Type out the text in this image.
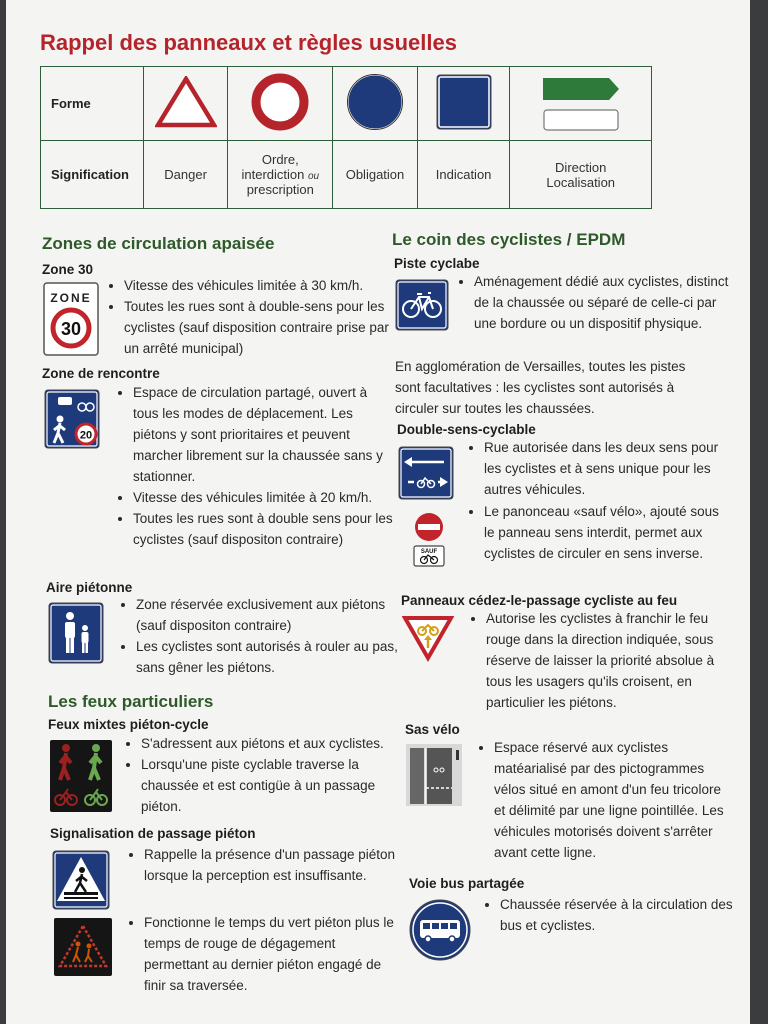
Rappel des panneaux et règles usuelles
Forme					
Signification	Danger	Ordre,
interdiction ou
prescription	Obligation	Indication	Direction
Localisation
Zones de circulation apaisée
Zone 30
ZONE
30
• Vitesse des véhicules limitée à 30 km/h.
• Toutes les rues sont à double-sens pour les cyclistes (sauf disposition contraire prise par un arrêté municipal)
Zone de rencontre
20
• Espace de circulation partagé, ouvert à tous les modes de déplacement. Les piétons y sont prioritaires et peuvent marcher librement sur la chaussée sans y stationner.
• Vitesse des véhicules limitée à 20 km/h.
• Toutes les rues sont à double sens pour les cyclistes (sauf dispositon contraire)
Aire piétonne
• Zone réservée exclusivement aux piétons (sauf dispositon contraire)
• Les cyclistes sont autorisés à rouler au pas, sans gêner les piétons.
Les feux particuliers
Feux mixtes piéton-cycle
• S'adressent aux piétons et aux cyclistes.
• Lorsqu'une piste cyclable traverse la chaussée et est contigüe à un passage piéton.
Signalisation de passage piéton
• Rappelle la présence d'un passage piéton lorsque la perception est insuffisante.
• Fonctionne le temps du vert piéton plus le temps de rouge de dégagement permettant au dernier piéton engagé de finir sa traversée.
Le coin des cyclistes / EPDM
Piste cyclabe
• Aménagement dédié aux cyclistes, distinct de la chaussée ou séparé de celle-ci par une bordure ou un dispositif physique.
En agglomération de Versailles, toutes les pistes sont facultatives : les cyclistes sont autorisés à circuler sur toutes les chaussées.
Double-sens-cyclable
• Rue autorisée dans les deux sens pour les cyclistes et à sens unique pour les autres véhicules.
SAUF
• Le panonceau «sauf vélo», ajouté sous le panneau sens interdit, permet aux cyclistes de circuler en sens inverse.
Panneaux cédez-le-passage cycliste au feu
• Autorise les cyclistes à franchir le feu rouge dans la direction indiquée, sous réserve de laisser la priorité absolue à tous les usagers qu'ils croisent, en particulier les piétons.
Sas vélo
• Espace réservé aux cyclistes matéarialisé par des pictogrammes vélos situé en amont d'un feu tricolore et délimité par une ligne pointillée. Les véhicules motorisés doivent s'arrêter avant cette ligne.
Voie bus partagée
• Chaussée réservée à la circulation des bus et cyclistes.
